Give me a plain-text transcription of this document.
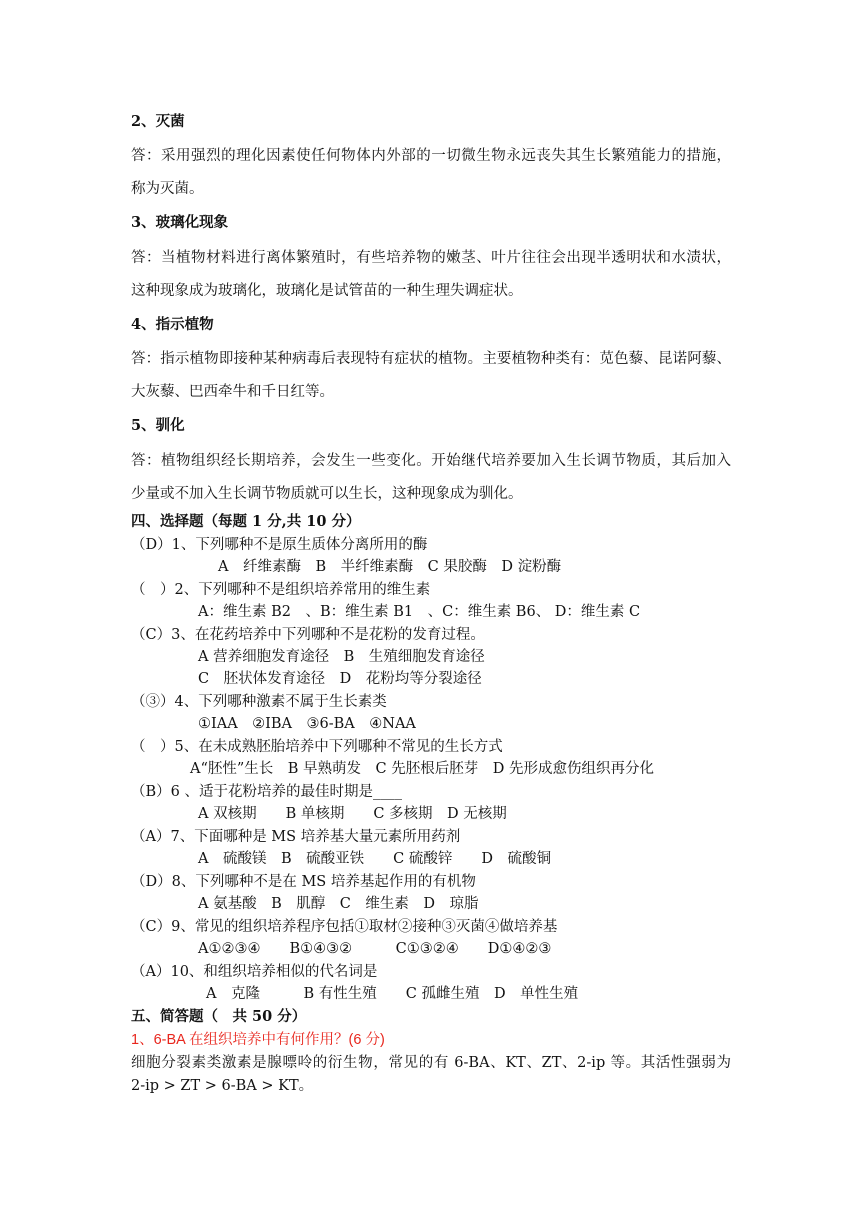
2、灭菌
答：采用强烈的理化因素使任何物体内外部的一切微生物永远丧失其生长繁殖能力的措施，
称为灭菌。
3、玻璃化现象
答：当植物材料进行离体繁殖时，有些培养物的嫩茎、叶片往往会出现半透明状和水渍状，
这种现象成为玻璃化，玻璃化是试管苗的一种生理失调症状。
4、指示植物
答：指示植物即接种某种病毒后表现特有症状的植物。主要植物种类有：苋色藜、昆诺阿藜、
大灰藜、巴西牵牛和千日红等。
5、驯化
答：植物组织经长期培养，会发生一些变化。开始继代培养要加入生长调节物质，其后加入
少量或不加入生长调节物质就可以生长，这种现象成为驯化。
四、选择题（每题 1 分,共 10 分）
（D）1、下列哪种不是原生质体分离所用的酶
A　纤维素酶　B　半纤维素酶　C 果胶酶　D 淀粉酶
（　）2、下列哪种不是组织培养常用的维生素
A：维生素 B2　、B：维生素 B1　、C：维生素 B6、 D：维生素 C
（C）3、在花药培养中下列哪种不是花粉的发育过程。
A 营养细胞发育途径　B　生殖细胞发育途径
C　胚状体发育途径　D　花粉均等分裂途径
（③）4、下列哪种激素不属于生长素类
①IAA　②IBA　③6-BA　④NAA
（　）5、在未成熟胚胎培养中下列哪种不常见的生长方式
A“胚性”生长　B 早熟萌发　C 先胚根后胚芽　D 先形成愈伤组织再分化
（B）6 、适于花粉培养的最佳时期是____
A 双核期　　B 单核期　　C 多核期　D 无核期
（A）7、下面哪种是 MS 培养基大量元素所用药剂
A　硫酸镁　B　硫酸亚铁　　C 硫酸锌　　D　硫酸铜
（D）8、下列哪种不是在 MS 培养基起作用的有机物
A 氨基酸　B　肌醇　C　维生素　D　琼脂
（C）9、常见的组织培养程序包括①取材②接种③灭菌④做培养基
A①②③④　　B①④③②　　　C①③②④　　D①④②③
（A）10、和组织培养相似的代名词是
A　克隆　　　B 有性生殖　　C 孤雌生殖　D　单性生殖
五、简答题（　共 50 分）
1、6-BA 在组织培养中有何作用？(6 分)
细胞分裂素类激素是腺嘌呤的衍生物，常见的有 6-BA、KT、ZT、2-ip 等。其活性强弱为
2-ip > ZT > 6-BA > KT。
